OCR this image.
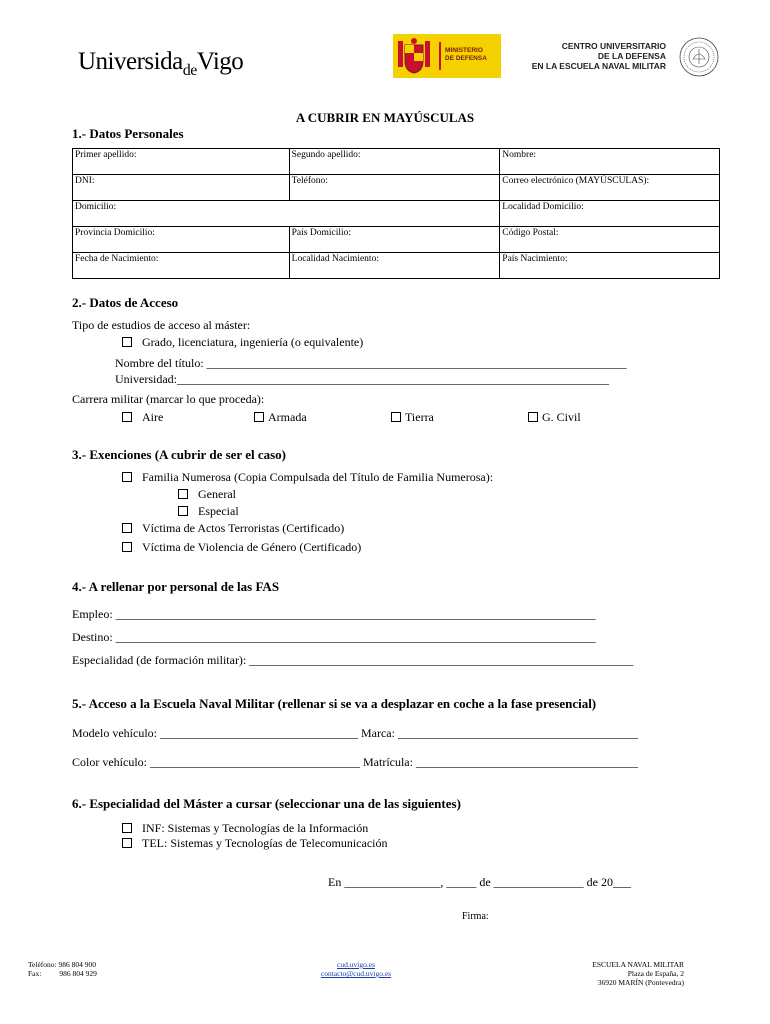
Universida$_{de}$Vigo	MINISTERIO
DE DEFENSA
CENTRO UNIVERSITARIO
DE LA DEFENSA
EN LA ESCUELA NAVAL MILITAR
A CUBRIR EN MAYÚSCULAS
1.- Datos Personales
Primer apellido:	Segundo apellido:	Nombre:
DNI:	Teléfono:	Correo electrónico (MAYÚSCULAS):
Domicilio:		Localidad Domicilio:
Provincia Domicilio:	País Domicilio:	Código Postal:
Fecha de Nacimiento:	Localidad Nacimiento:	País Nacimiento:
2.- Datos de Acceso
Tipo de estudios de acceso al máster:
Grado, licenciatura, ingeniería (o equivalente)
Nombre del título: ______________________________________________________________________
Universidad:________________________________________________________________________
Carrera militar (marcar lo que proceda):
Aire	Armada	Tierra	G. Civil
3.- Exenciones (A cubrir de ser el caso)
Familia Numerosa (Copia Compulsada del Título de Familia Numerosa):
General
Especial
Víctima de Actos Terroristas (Certificado)
Víctima de Violencia de Género (Certificado)
4.- A rellenar por personal de las FAS
Empleo: ________________________________________________________________________________
Destino: ________________________________________________________________________________
Especialidad (de formación militar): ________________________________________________________________
5.- Acceso a la Escuela Naval Militar (rellenar si se va a desplazar en coche a la fase presencial)
Modelo vehículo: _________________________________ Marca: ________________________________________
Color vehículo: ___________________________________ Matrícula: _____________________________________
6.- Especialidad del Máster a cursar (seleccionar una de las siguientes)
INF: Sistemas y Tecnologías de la Información
TEL: Sistemas y Tecnologías de Telecomunicación
En ________________, _____ de _______________ de 20___
Firma:
Teléfono: 986 804 900
Fax: 986 804 929
cud.uvigo.es
contacto@cud.uvigo.es
ESCUELA NAVAL MILITAR
Plaza de España, 2
36920 MARÍN (Pontevedra)
